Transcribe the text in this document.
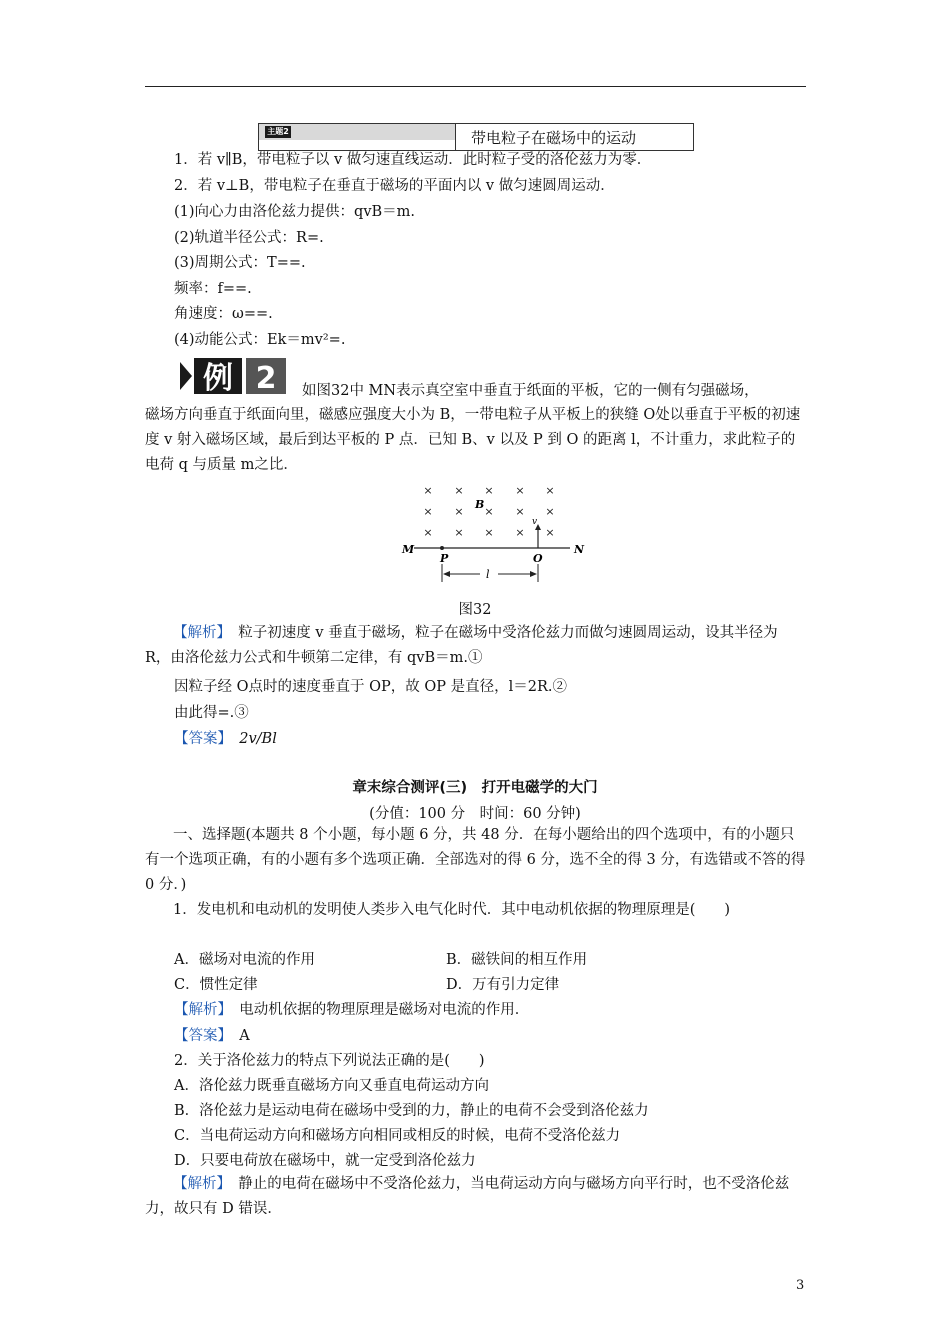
主题2	带电粒子在磁场中的运动
1．若 v∥B，带电粒子以 v 做匀速直线运动．此时粒子受的洛伦兹力为零．
2．若 v⊥B，带电粒子在垂直于磁场的平面内以 v 做匀速圆周运动．
(1)向心力由洛伦兹力提供：qvB＝m.
(2)轨道半径公式：R=.
(3)周期公式：T==.
频率：f==.
角速度：ω==.
(4)动能公式：Ek＝mv²=.
例 2 如图32中 MN表示真空室中垂直于纸面的平板，它的一侧有匀强磁场，
磁场方向垂直于纸面向里，磁感应强度大小为 B，一带电粒子从平板上的狭缝 O处以垂直于平板的初速度 v 射入磁场区域，最后到达平板的 P 点．已知 B、v 以及 P 到 O 的距离 l，不计重力，求此粒子的电荷 q 与质量 m之比．
× × × × ×
× × × × ×
× × × × ×
B
v
M	N
P	O
l
图32
【解析】　 粒子初速度 v 垂直于磁场，粒子在磁场中受洛伦兹力而做匀速圆周运动，设其半径为 R，由洛伦兹力公式和牛顿第二定律，有 qvB＝m.①
因粒子经 O点时的速度垂直于 OP，故 OP 是直径，l＝2R.②
由此得=.③
【答案】　 2v/Bl
章末综合测评(三)　打开电磁学的大门
(分值：100 分　时间：60 分钟)
一、选择题(本题共 8 个小题，每小题 6 分，共 48 分．在每小题给出的四个选项中，有的小题只有一个选项正确，有的小题有多个选项正确．全部选对的得 6 分，选不全的得 3 分，有选错或不答的得 0 分．)
1．发电机和电动机的发明使人类步入电气化时代．其中电动机依据的物理原理是(　　)
A．磁场对电流的作用	B．磁铁间的相互作用
C．惯性定律	D．万有引力定律
【解析】　 电动机依据的物理原理是磁场对电流的作用．
【答案】　 A
2．关于洛伦兹力的特点下列说法正确的是(　　)
A．洛伦兹力既垂直磁场方向又垂直电荷运动方向
B．洛伦兹力是运动电荷在磁场中受到的力，静止的电荷不会受到洛伦兹力
C．当电荷运动方向和磁场方向相同或相反的时候，电荷不受洛伦兹力
D．只要电荷放在磁场中，就一定受到洛伦兹力
【解析】　 静止的电荷在磁场中不受洛伦兹力，当电荷运动方向与磁场方向平行时，也不受洛伦兹力，故只有 D 错误．
3
